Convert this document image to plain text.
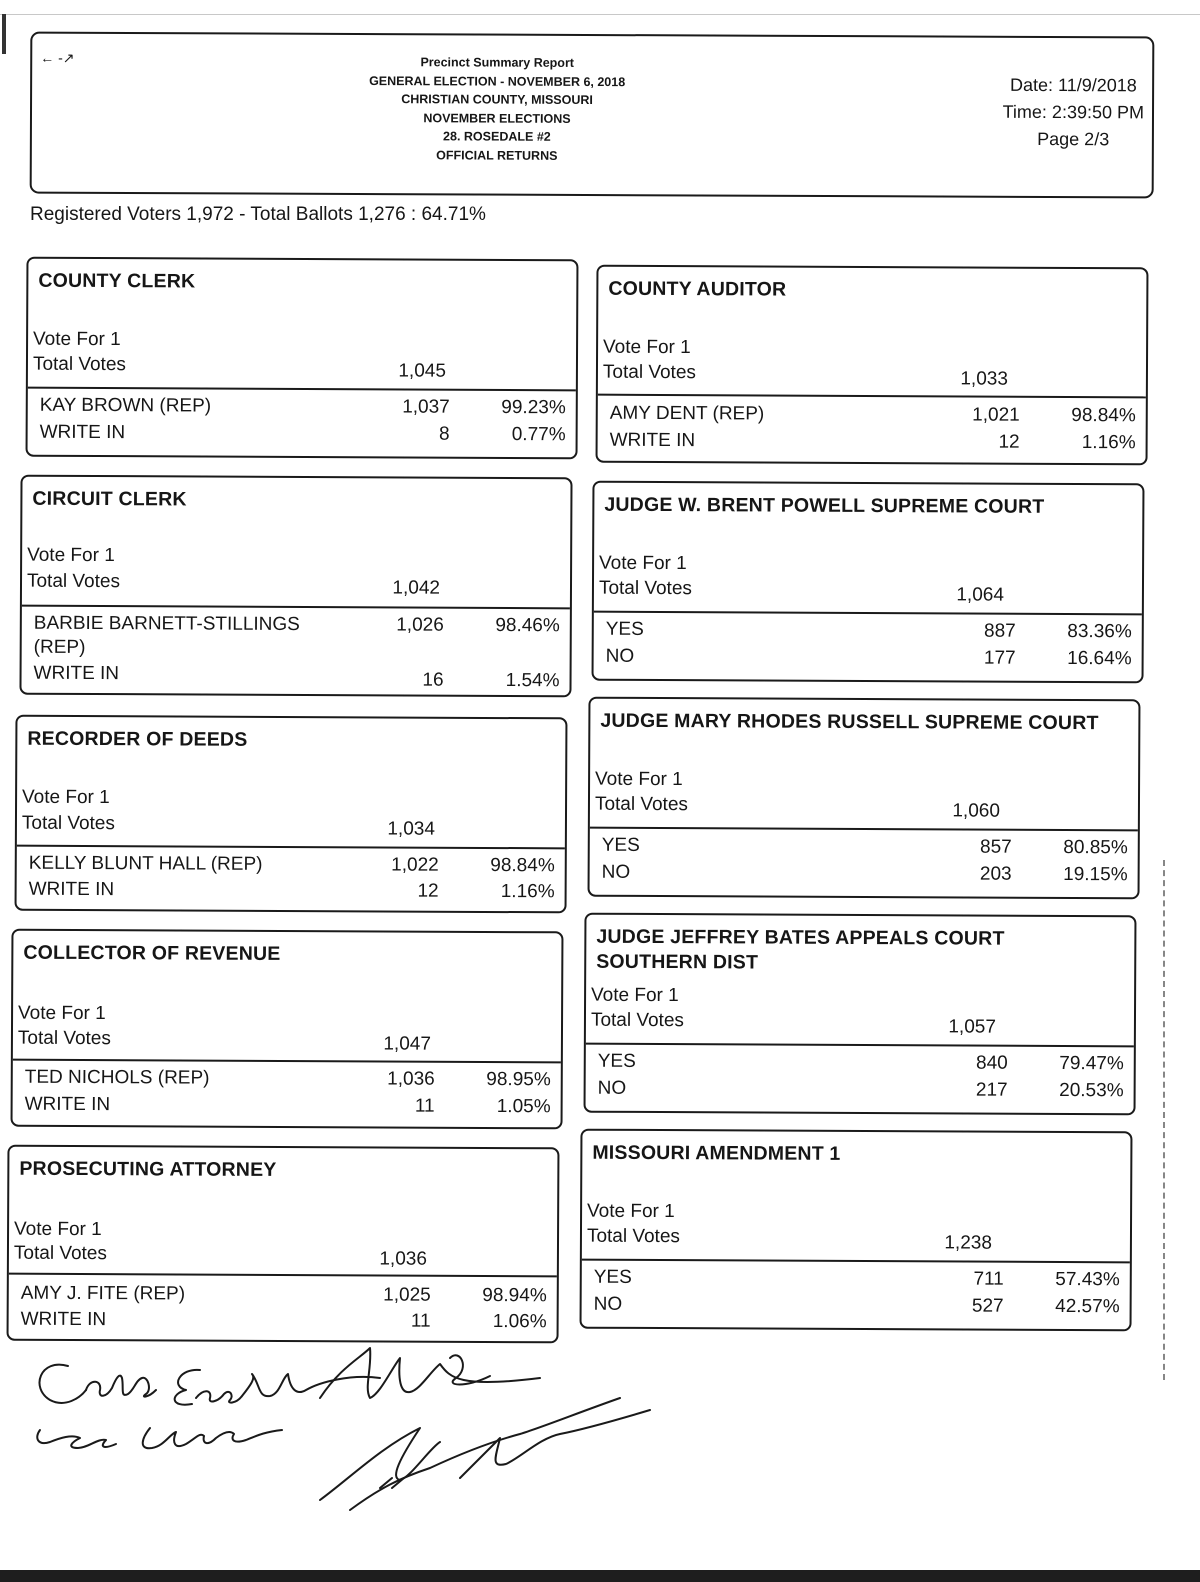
← -↗	Precinct Summary Report
GENERAL ELECTION - NOVEMBER 6, 2018
CHRISTIAN COUNTY, MISSOURI
NOVEMBER ELECTIONS
28. ROSEDALE #2
OFFICIAL RETURNS
Date: 11/9/2018
Time: 2:39:50 PM
Page 2/3
Registered Voters 1,972 - Total Ballots 1,276 : 64.71%
COUNTY CLERK
Vote For 1
Total Votes	1,045
KAY BROWN (REP)	1,037	99.23%
WRITE IN	8	0.77%
CIRCUIT CLERK
Vote For 1
Total Votes	1,042
BARBIE BARNETT-STILLINGS	1,026	98.46%
(REP)
WRITE IN	16	1.54%
RECORDER OF DEEDS
Vote For 1
Total Votes	1,034
KELLY BLUNT HALL (REP)	1,022	98.84%
WRITE IN	12	1.16%
COLLECTOR OF REVENUE
Vote For 1
Total Votes	1,047
TED NICHOLS (REP)	1,036	98.95%
WRITE IN	11	1.05%
PROSECUTING ATTORNEY
Vote For 1
Total Votes	1,036
AMY J. FITE (REP)	1,025	98.94%
WRITE IN	11	1.06%
COUNTY AUDITOR
Vote For 1
Total Votes	1,033
AMY DENT (REP)	1,021	98.84%
WRITE IN	12	1.16%
JUDGE W. BRENT POWELL SUPREME COURT
Vote For 1
Total Votes	1,064
YES	887	83.36%
NO	177	16.64%
JUDGE MARY RHODES RUSSELL SUPREME COURT
Vote For 1
Total Votes	1,060
YES	857	80.85%
NO	203	19.15%
JUDGE JEFFREY BATES APPEALS COURT
SOUTHERN DIST
Vote For 1
Total Votes	1,057
YES	840	79.47%
NO	217	20.53%
MISSOURI AMENDMENT 1
Vote For 1
Total Votes	1,238
YES	711	57.43%
NO	527	42.57%
